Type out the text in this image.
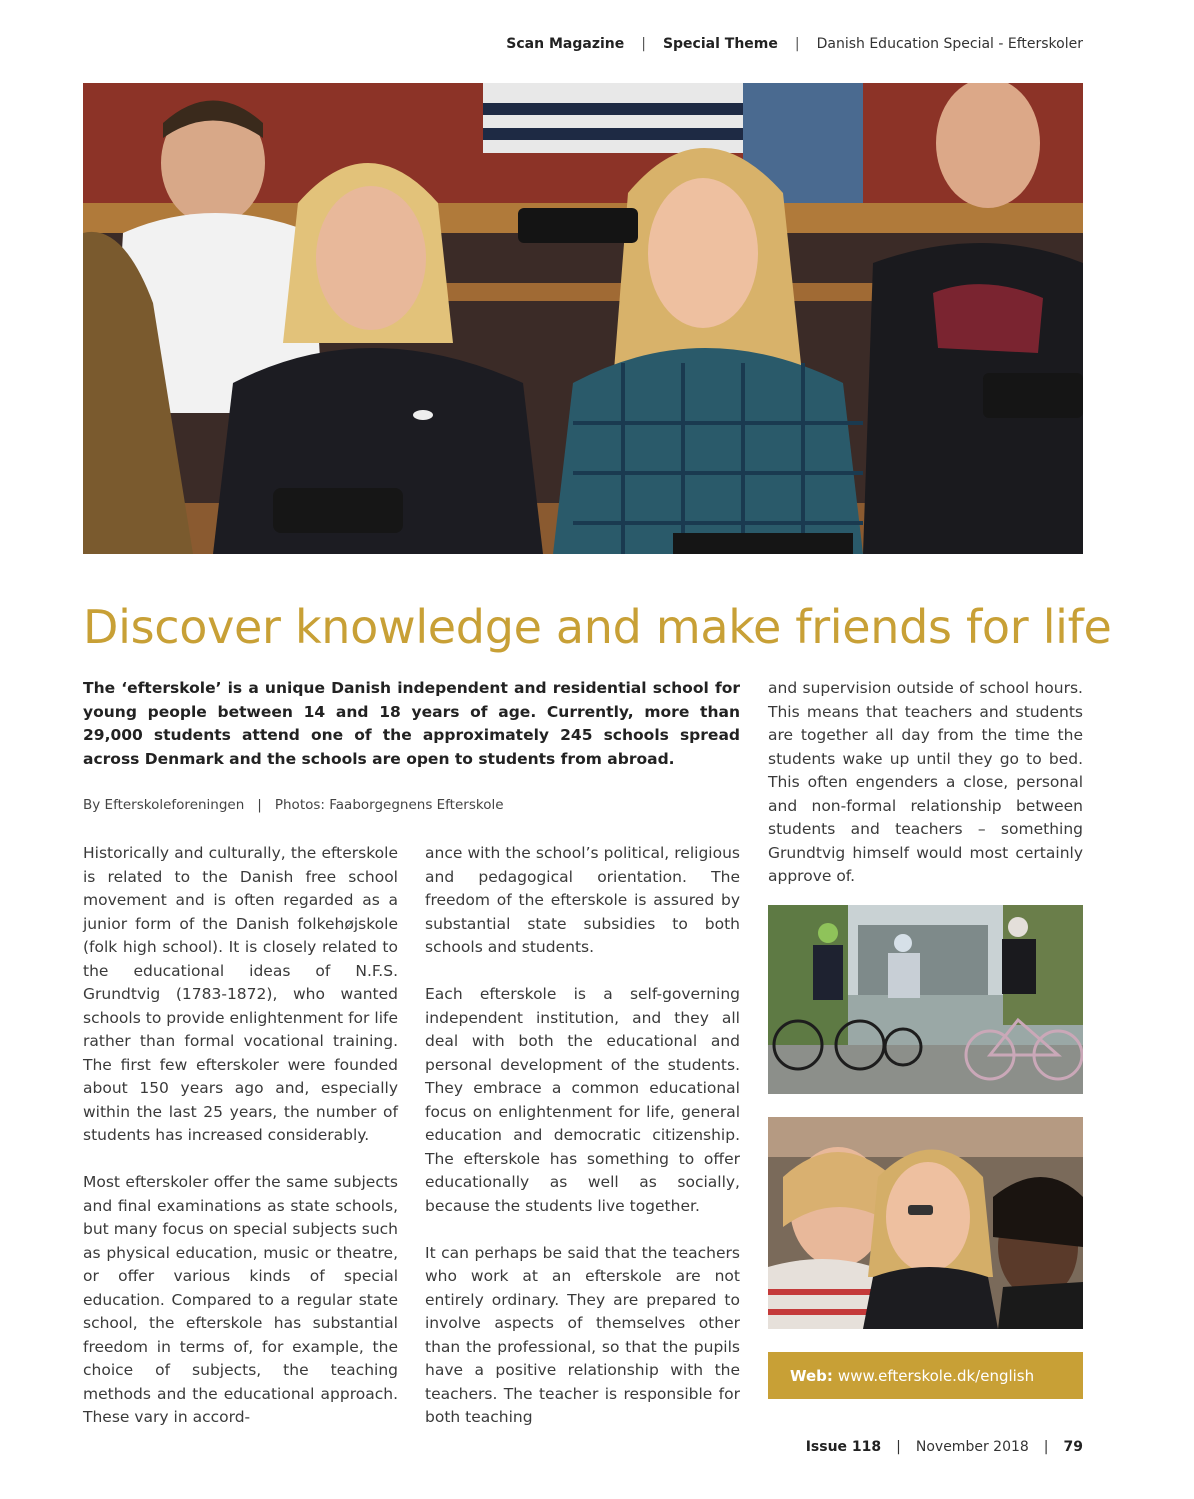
Scan Magazine | Special Theme | Danish Education Special - Efterskoler
Discover knowledge and make friends for life

The ‘efterskole’ is a unique Danish independent and residential school for young people between 14 and 18 years of age. Currently, more than 29,000 students attend one of the approximately 245 schools spread across Denmark and the schools are open to students from abroad.

By Efterskoleforeningen | Photos: Faaborgegnens Efterskole

Historically and culturally, the efterskole is related to the Danish free school movement and is often regarded as a junior form of the Danish folkehøjskole (folk high school). It is closely related to the educational ideas of N.F.S. Grundtvig (1783-1872), who wanted schools to provide enlightenment for life rather than formal vocational training. The first few efterskoler were founded about 150 years ago and, especially within the last 25 years, the number of students has increased considerably.

Most efterskoler offer the same subjects and final examinations as state schools, but many focus on special subjects such as physical education, music or theatre, or offer various kinds of special education. Compared to a regular state school, the efterskole has substantial freedom in terms of, for example, the choice of subjects, the teaching methods and the educational approach. These vary in accord-

ance with the school’s political, religious and pedagogical orientation. The freedom of the efterskole is assured by substantial state subsidies to both schools and students.

Each efterskole is a self-governing independent institution, and they all deal with both the educational and personal development of the students. They embrace a common educational focus on enlightenment for life, general education and democratic citizenship. The efterskole has something to offer educationally as well as socially, because the students live together.

It can perhaps be said that the teachers who work at an efterskole are not entirely ordinary. They are prepared to involve aspects of themselves other than the professional, so that the pupils have a positive relationship with the teachers. The teacher is responsible for both teaching

and supervision outside of school hours. This means that teachers and students are together all day from the time the students wake up until they go to bed. This often engenders a close, personal and non-formal relationship between students and teachers – something Grundtvig himself would most certainly approve of.

Web: www.efterskole.dk/english
Issue 118 | November 2018 | 79
